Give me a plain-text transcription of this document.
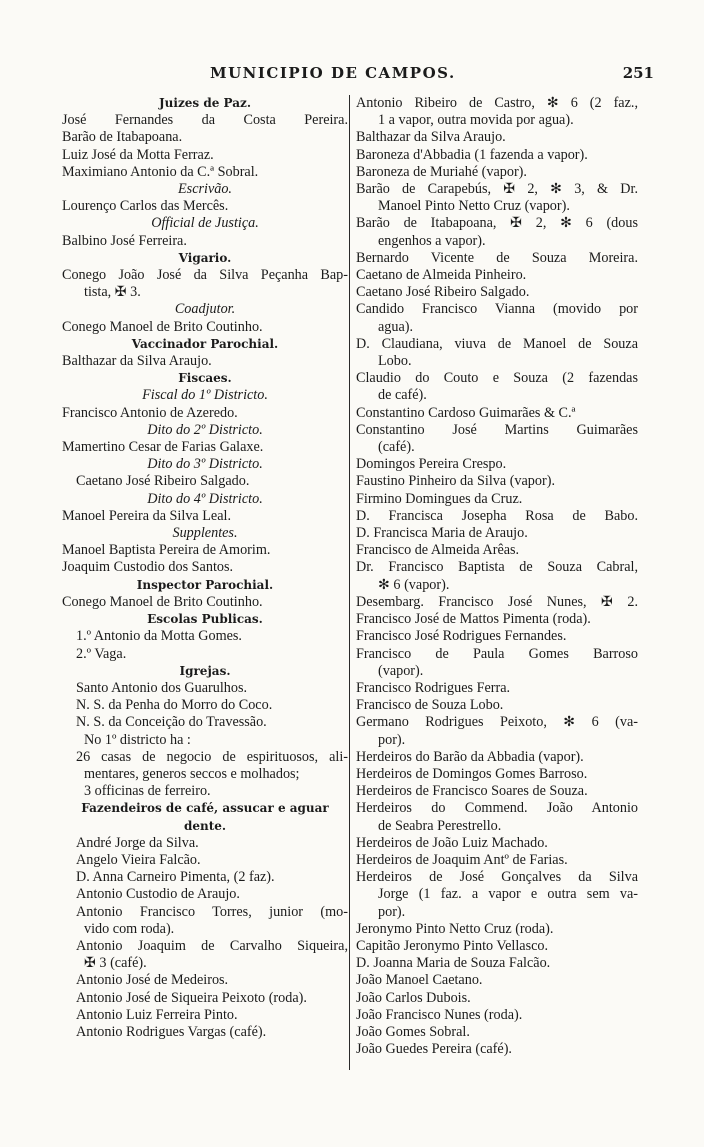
MUNICIPIO DE CAMPOS.	251
Juizes de Paz.
José Fernandes da Costa Pereira.
Barão de Itabapoana.
Luiz José da Motta Ferraz.
Maximiano Antonio da C.ª Sobral.
Escrivão.
Lourenço Carlos das Mercês.
Official de Justiça.
Balbino José Ferreira.
Vigario.
Conego João José da Silva Peçanha Bap-
tista, ✠ 3.
Coadjutor.
Conego Manoel de Brito Coutinho.
Vaccinador Parochial.
Balthazar da Silva Araujo.
Fiscaes.
Fiscal do 1º Districto.
Francisco Antonio de Azeredo.
Dito do 2º Districto.
Mamertino Cesar de Farias Galaxe.
Dito do 3º Districto.
Caetano José Ribeiro Salgado.
Dito do 4º Districto.
Manoel Pereira da Silva Leal.
Supplentes.
Manoel Baptista Pereira de Amorim.
Joaquim Custodio dos Santos.
Inspector Parochial.
Conego Manoel de Brito Coutinho.
Escolas Publicas.
1.º Antonio da Motta Gomes.
2.º Vaga.
Igrejas.
Santo Antonio dos Guarulhos.
N. S. da Penha do Morro do Coco.
N. S. da Conceição do Travessão.
No 1º districto ha :
26 casas de negocio de espirituosos, ali-
mentares, generos seccos e molhados;
3 officinas de ferreiro.
Fazendeiros de café, assucar e aguar
dente.
André Jorge da Silva.
Angelo Vieira Falcão.
D. Anna Carneiro Pimenta, (2 faz).
Antonio Custodio de Araujo.
Antonio Francisco Torres, junior (mo-
vido com roda).
Antonio Joaquim de Carvalho Siqueira,
✠ 3 (café).
Antonio José de Medeiros.
Antonio José de Siqueira Peixoto (roda).
Antonio Luiz Ferreira Pinto.
Antonio Rodrigues Vargas (café).
Antonio Ribeiro de Castro, ✻ 6 (2 faz.,
1 a vapor, outra movida por agua).
Balthazar da Silva Araujo.
Baroneza d'Abbadia (1 fazenda a vapor).
Baroneza de Muriahé (vapor).
Barão de Carapebús, ✠ 2, ✻ 3, & Dr.
Manoel Pinto Netto Cruz (vapor).
Barão de Itabapoana, ✠ 2, ✻ 6 (dous
engenhos a vapor).
Bernardo Vicente de Souza Moreira.
Caetano de Almeida Pinheiro.
Caetano José Ribeiro Salgado.
Candido Francisco Vianna (movido por
agua).
D. Claudiana, viuva de Manoel de Souza
Lobo.
Claudio do Couto e Souza (2 fazendas
de café).
Constantino Cardoso Guimarães & C.ª
Constantino José Martins Guimarães
(café).
Domingos Pereira Crespo.
Faustino Pinheiro da Silva (vapor).
Firmino Domingues da Cruz.
D. Francisca Josepha Rosa de Babo.
D. Francisca Maria de Araujo.
Francisco de Almeida Arêas.
Dr. Francisco Baptista de Souza Cabral,
✻ 6 (vapor).
Desembarg. Francisco José Nunes, ✠ 2.
Francisco José de Mattos Pimenta (roda).
Francisco José Rodrigues Fernandes.
Francisco de Paula Gomes Barroso
(vapor).
Francisco Rodrigues Ferra.
Francisco de Souza Lobo.
Germano Rodrigues Peixoto, ✻ 6 (va-
por).
Herdeiros do Barão da Abbadia (vapor).
Herdeiros de Domingos Gomes Barroso.
Herdeiros de Francisco Soares de Souza.
Herdeiros do Commend. João Antonio
de Seabra Perestrello.
Herdeiros de João Luiz Machado.
Herdeiros de Joaquim Antº de Farias.
Herdeiros de José Gonçalves da Silva
Jorge (1 faz. a vapor e outra sem va-
por).
Jeronymo Pinto Netto Cruz (roda).
Capitão Jeronymo Pinto Vellasco.
D. Joanna Maria de Souza Falcão.
João Manoel Caetano.
João Carlos Dubois.
João Francisco Nunes (roda).
João Gomes Sobral.
João Guedes Pereira (café).
